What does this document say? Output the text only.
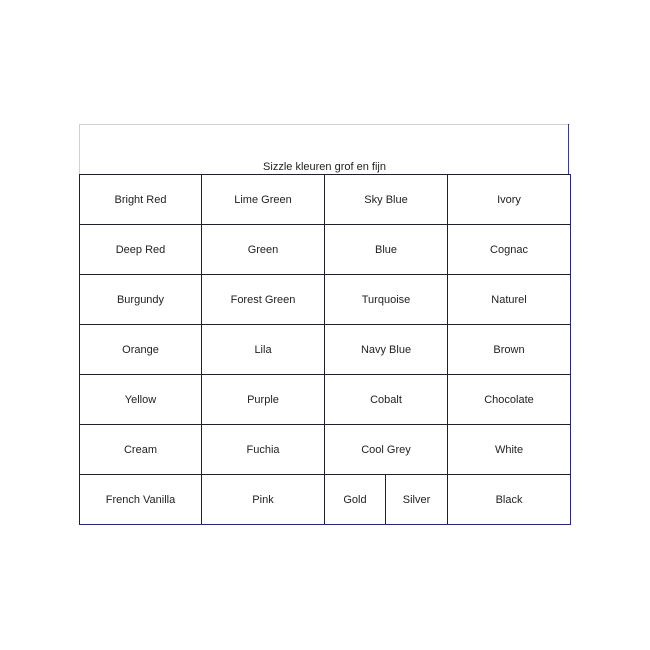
Sizzle kleuren grof en fijn
Bright Red	Lime Green	Sky Blue		Ivory
Deep Red	Green	Blue		Cognac
Burgundy	Forest Green	Turquoise		Naturel
Orange	Lila	Navy Blue		Brown
Yellow	Purple	Cobalt		Chocolate
Cream	Fuchia	Cool Grey		White
French Vanilla	Pink	Gold	Silver	Black
